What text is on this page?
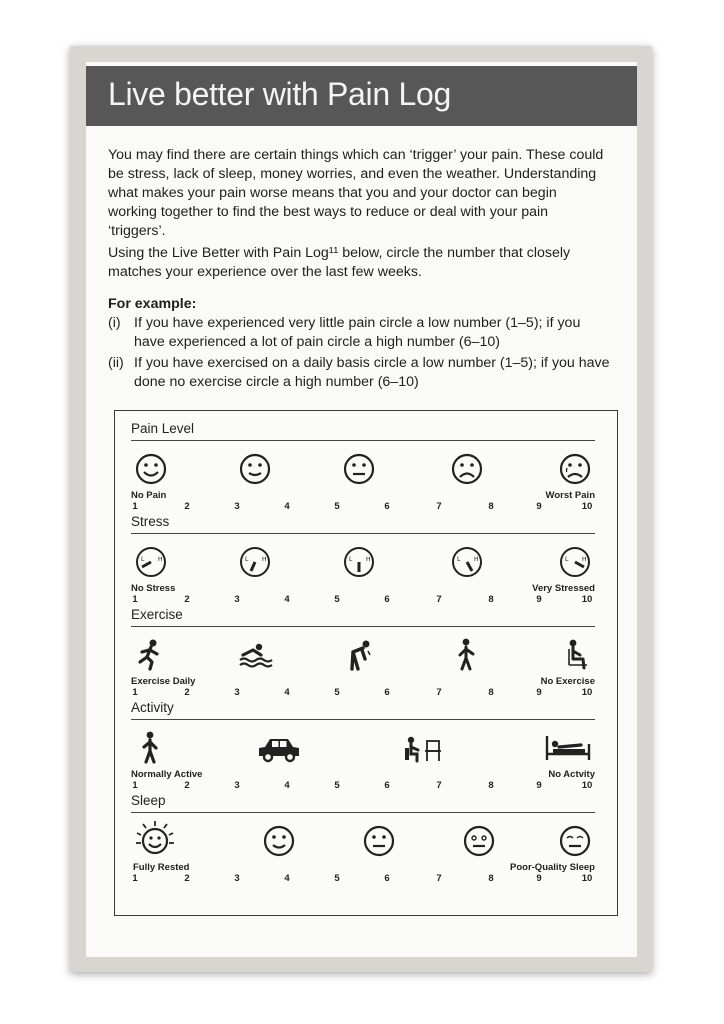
Live better with Pain Log

You may find there are certain things which can ‘trigger’ your pain. These could be stress, lack of sleep, money worries, and even the weather. Understanding what makes your pain worse means that you and your doctor can begin working together to find the best ways to reduce or deal with your pain ‘triggers’.

Using the Live Better with Pain Log¹¹ below, circle the number that closely matches your experience over the last few weeks.

For example:

(i) If you have experienced very little pain circle a low number (1–5); if you have experienced a lot of pain circle a high number (6–10)
(ii) If you have exercised on a daily basis circle a low number (1–5); if you have done no exercise circle a high number (6–10)
Pain Level
No Pain	Worst Pain
1	2	3	4	5	6	7	8	9	10
Stress
L H	L H	L H	L H	L H
No Stress	Very Stressed
1	2	3	4	5	6	7	8	9	10
Exercise
Exercise Daily	No Exercise
1	2	3	4	5	6	7	8	9	10
Activity
Normally Active	No Actvity
1	2	3	4	5	6	7	8	9	10
Sleep
Fully Rested	Poor-Quality Sleep
1	2	3	4	5	6	7	8	9	10
